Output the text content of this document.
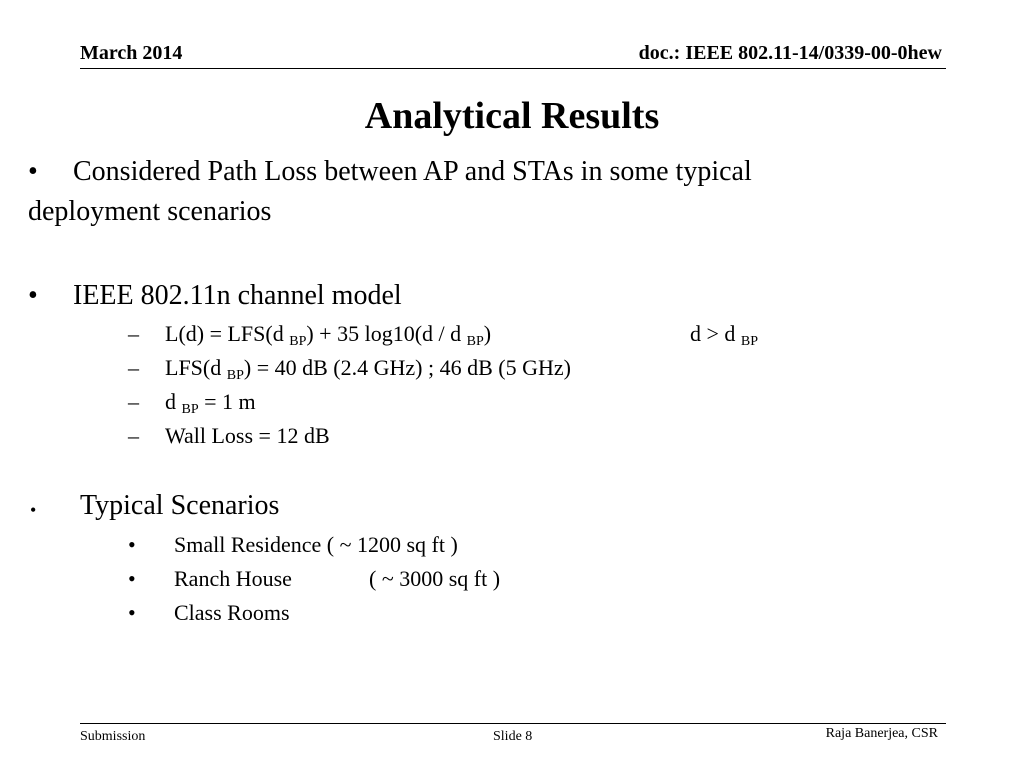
March 2014	doc.: IEEE 802.11-14/0339-00-0hew
Analytical Results
• Considered Path Loss between AP and STAs in some typical
deployment scenarios
• IEEE 802.11n channel model
– L(d) = LFS(d BP) + 35 log10(d / d BP)	d > d BP
– LFS(d BP) = 40 dB (2.4 GHz) ; 46 dB (5 GHz)
– d BP = 1 m
– Wall Loss = 12 dB
• Typical Scenarios
• Small Residence ( ~ 1200 sq ft )
• Ranch House	( ~ 3000 sq ft )
• Class Rooms
Submission	Slide 8	Raja Banerjea, CSR
